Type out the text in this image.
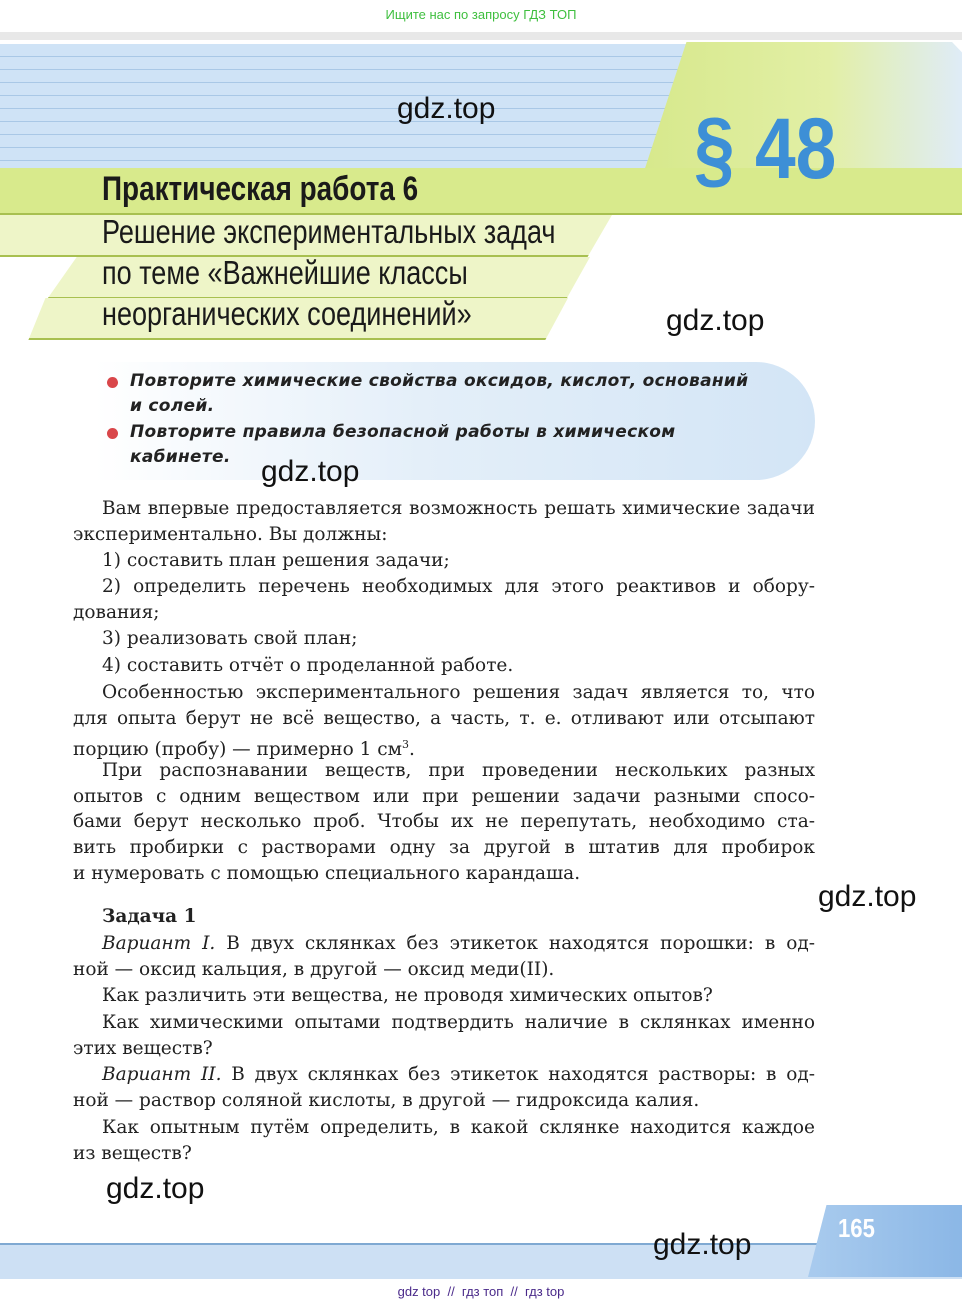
Ищите нас по запросу ГДЗ ТОП
§ 48
Практическая работа 6
Решение экспериментальных задач
по теме «Важнейшие классы
неорганических соединений»
Повторите химические свойства оксидов, кислот, оснований
и солей.
Повторите правила безопасной работы в химическом
кабинете.
Вам впервые предоставляется возможность решать химические задачи
экспериментально. Вы должны:
1) составить план решения задачи;
2) определить перечень необходимых для этого реактивов и обору-
дования;
3) реализовать свой план;
4) составить отчёт о проделанной работе.
Особенностью экспериментального решения задач является то, что
для опыта берут не всё вещество, а часть, т. е. отливают или отсыпают
порцию (пробу) — примерно 1 $см^3$.
При распознавании веществ, при проведении нескольких разных
опытов с одним веществом или при решении задачи разными спосо-
бами берут несколько проб. Чтобы их не перепутать, необходимо ста-
вить пробирки с растворами одну за другой в штатив для пробирок
и нумеровать с помощью специального карандаша.
Задача 1
Вариант I. В двух склянках без этикеток находятся порошки: в од-
ной — оксид кальция, в другой — оксид меди(II).
Как различить эти вещества, не проводя химических опытов?
Как химическими опытами подтвердить наличие в склянках именно
этих веществ?
Вариант II. В двух склянках без этикеток находятся растворы: в од-
ной — раствор соляной кислоты, в другой — гидроксида калия.
Как опытным путём определить, в какой склянке находится каждое
из веществ?
165
gdz.top
gdz.top
gdz.top
gdz.top
gdz.top
gdz.top
gdz top  //  гдз топ  //  гдз top
